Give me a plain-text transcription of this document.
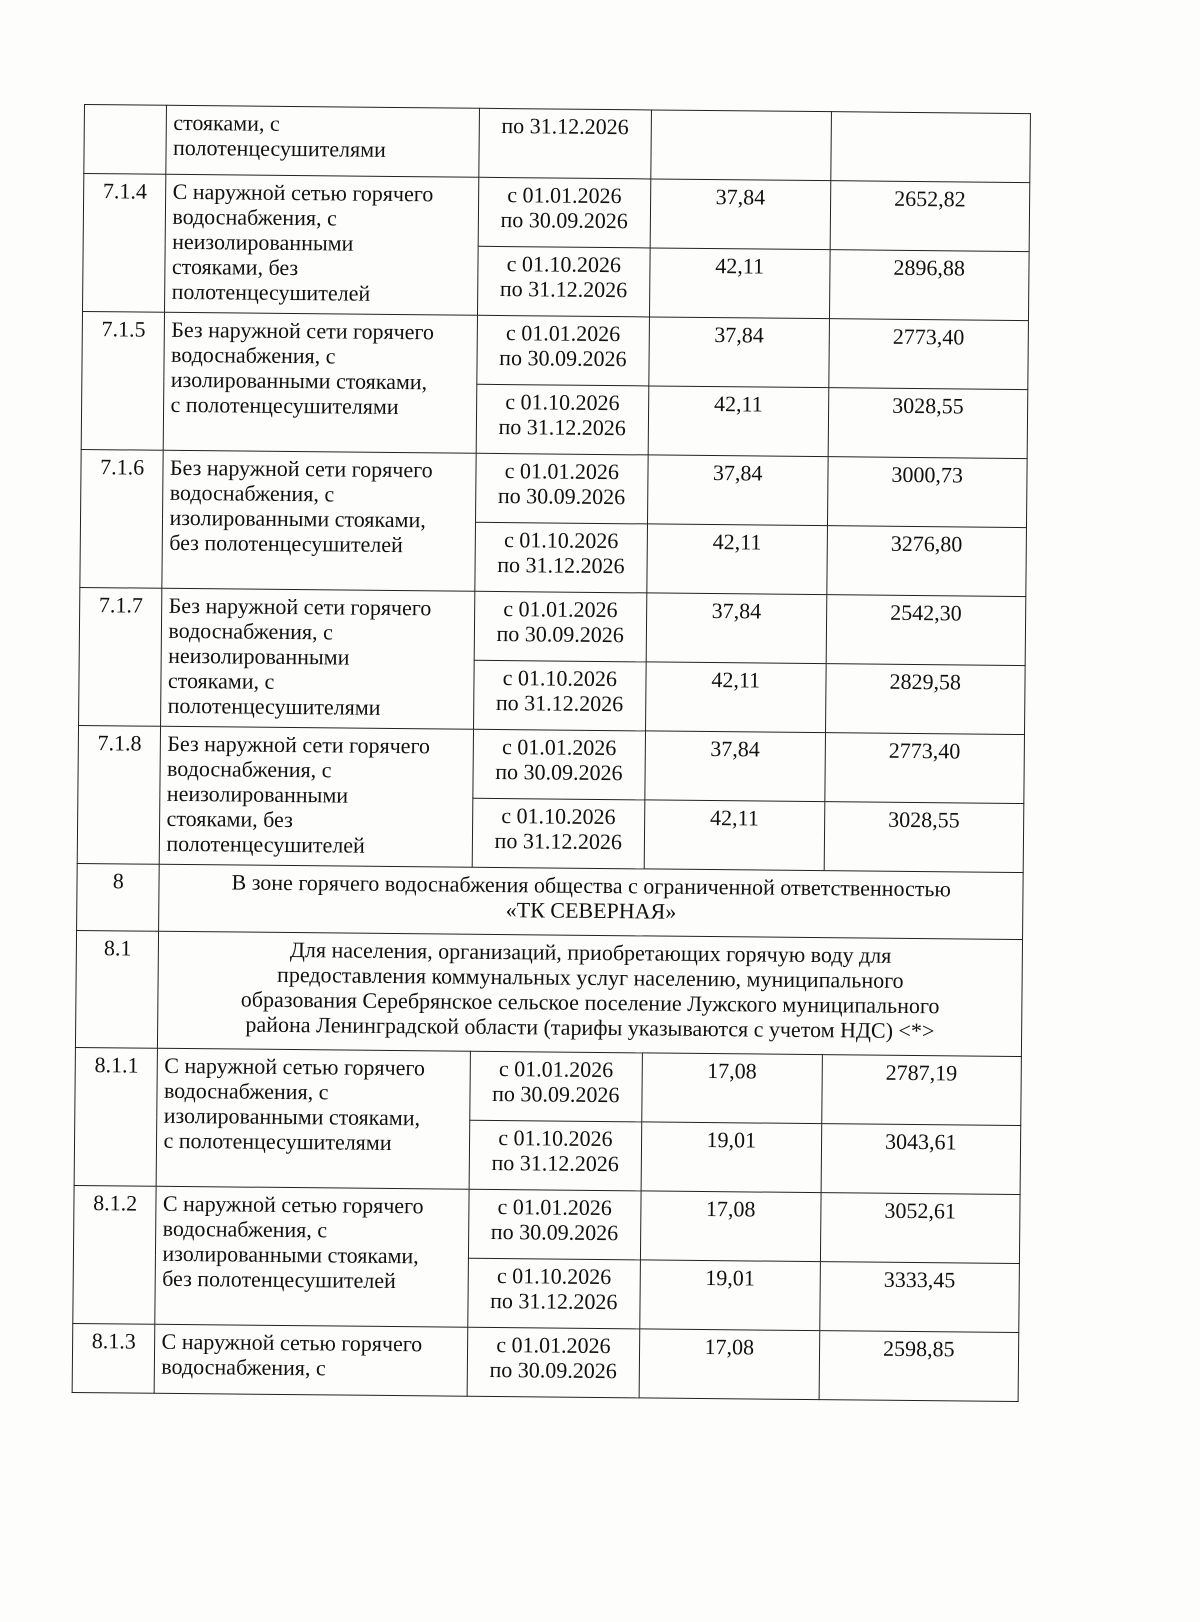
	стояками, с
полотенцесушителями	по 31.12.2026		

7.1.4	С наружной сетью горячего
водоснабжения, с
неизолированными
стояками, без
полотенцесушителей	с 01.01.2026
по 30.09.2026	37,84	2652,82

		с 01.10.2026
по 31.12.2026	42,11	2896,88
7.1.5	Без наружной сети горячего
водоснабжения, с
изолированными стояками,
с полотенцесушителями	с 01.01.2026
по 30.09.2026	37,84	2773,40

		с 01.10.2026
по 31.12.2026	42,11	3028,55
7.1.6	Без наружной сети горячего
водоснабжения, с
изолированными стояками,
без полотенцесушителей	с 01.01.2026
по 30.09.2026	37,84	3000,73

		с 01.10.2026
по 31.12.2026	42,11	3276,80
7.1.7	Без наружной сети горячего
водоснабжения, с
неизолированными
стояками, с
полотенцесушителями	с 01.01.2026
по 30.09.2026	37,84	2542,30

		с 01.10.2026
по 31.12.2026	42,11	2829,58
7.1.8	Без наружной сети горячего
водоснабжения, с
неизолированными
стояками, без
полотенцесушителей	с 01.01.2026
по 30.09.2026	37,84	2773,40

		с 01.10.2026
по 31.12.2026	42,11	3028,55
8	В зоне горячего водоснабжения общества с ограниченной ответственностью
«ТК СЕВЕРНАЯ»			

8.1	Для населения, организаций, приобретающих горячую воду для
предоставления коммунальных услуг населению, муниципального
образования Серебрянское сельское поселение Лужского муниципального
района Ленинградской области (тарифы указываются с учетом НДС) <*>			

8.1.1	С наружной сетью горячего
водоснабжения, с
изолированными стояками,
с полотенцесушителями	с 01.01.2026
по 30.09.2026	17,08	2787,19

		с 01.10.2026
по 31.12.2026	19,01	3043,61
8.1.2	С наружной сетью горячего
водоснабжения, с
изолированными стояками,
без полотенцесушителей	с 01.01.2026
по 30.09.2026	17,08	3052,61

		с 01.10.2026
по 31.12.2026	19,01	3333,45
8.1.3	С наружной сетью горячего
водоснабжения, с	с 01.01.2026
по 30.09.2026	17,08	2598,85
